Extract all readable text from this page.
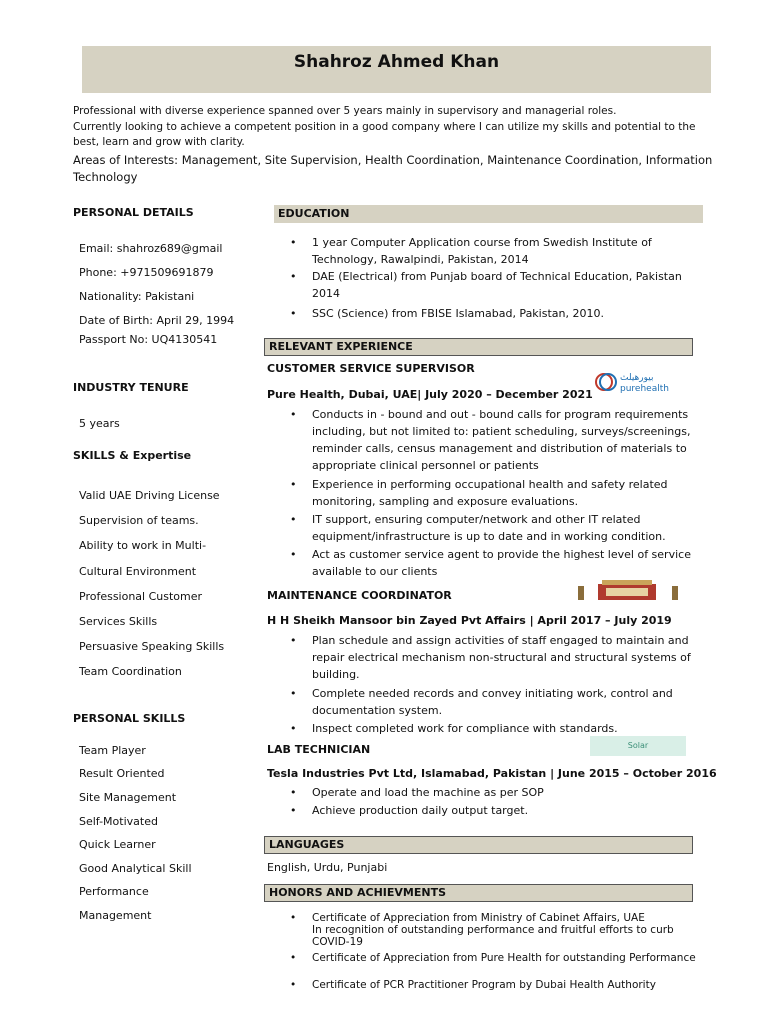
Shahroz Ahmed Khan
Professional with diverse experience spanned over 5 years mainly in supervisory and managerial roles.
Currently looking to achieve a competent position in a good company where I can utilize my skills and potential to the best, learn and grow with clarity.
Areas of Interests: Management, Site Supervision, Health Coordination, Maintenance Coordination, Information Technology
PERSONAL DETAILS
Email: shahroz689@gmail
Phone: +971509691879
Nationality: Pakistani
Date of Birth: April 29, 1994
Passport No: UQ4130541
INDUSTRY TENURE
5 years
SKILLS & Expertise
Valid UAE Driving License
Supervision of teams.
Ability to work in Multi-
Cultural Environment
Professional Customer
Services Skills
Persuasive Speaking Skills
Team Coordination
PERSONAL SKILLS
Team Player
Result Oriented
Site Management
Self-Motivated
Quick Learner
Good Analytical Skill
Performance
Management
EDUCATION
• 1 year Computer Application course from Swedish Institute of Technology, Rawalpindi, Pakistan, 2014
• DAE (Electrical) from Punjab board of Technical Education, Pakistan 2014
• SSC (Science) from FBISE Islamabad, Pakistan, 2010.
RELEVANT EXPERIENCE
CUSTOMER SERVICE SUPERVISOR
بيورهيلث
purehealth
Pure Health, Dubai, UAE| July 2020 – December 2021
• Conducts in - bound and out - bound calls for program requirements including, but not limited to: patient scheduling, surveys/screenings, reminder calls, census management and distribution of materials to appropriate clinical personnel or patients
• Experience in performing occupational health and safety related monitoring, sampling and exposure evaluations.
• IT support, ensuring computer/network and other IT related equipment/infrastructure is up to date and in working condition.
• Act as customer service agent to provide the highest level of service available to our clients
MAINTENANCE COORDINATOR
H H Sheikh Mansoor bin Zayed Pvt Affairs | April 2017 – July 2019
• Plan schedule and assign activities of staff engaged to maintain and repair electrical mechanism non-structural and structural systems of building.
• Complete needed records and convey initiating work, control and documentation system.
• Inspect completed work for compliance with standards.
LAB TECHNICIAN	Solar
Tesla Industries Pvt Ltd, Islamabad, Pakistan | June 2015 – October 2016
• Operate and load the machine as per SOP
• Achieve production daily output target.
LANGUAGES
English, Urdu, Punjabi
HONORS AND ACHIEVMENTS
• Certificate of Appreciation from Ministry of Cabinet Affairs, UAE
In recognition of outstanding performance and fruitful efforts to curb COVID-19
• Certificate of Appreciation from Pure Health for outstanding Performance
• Certificate of PCR Practitioner Program by Dubai Health Authority
